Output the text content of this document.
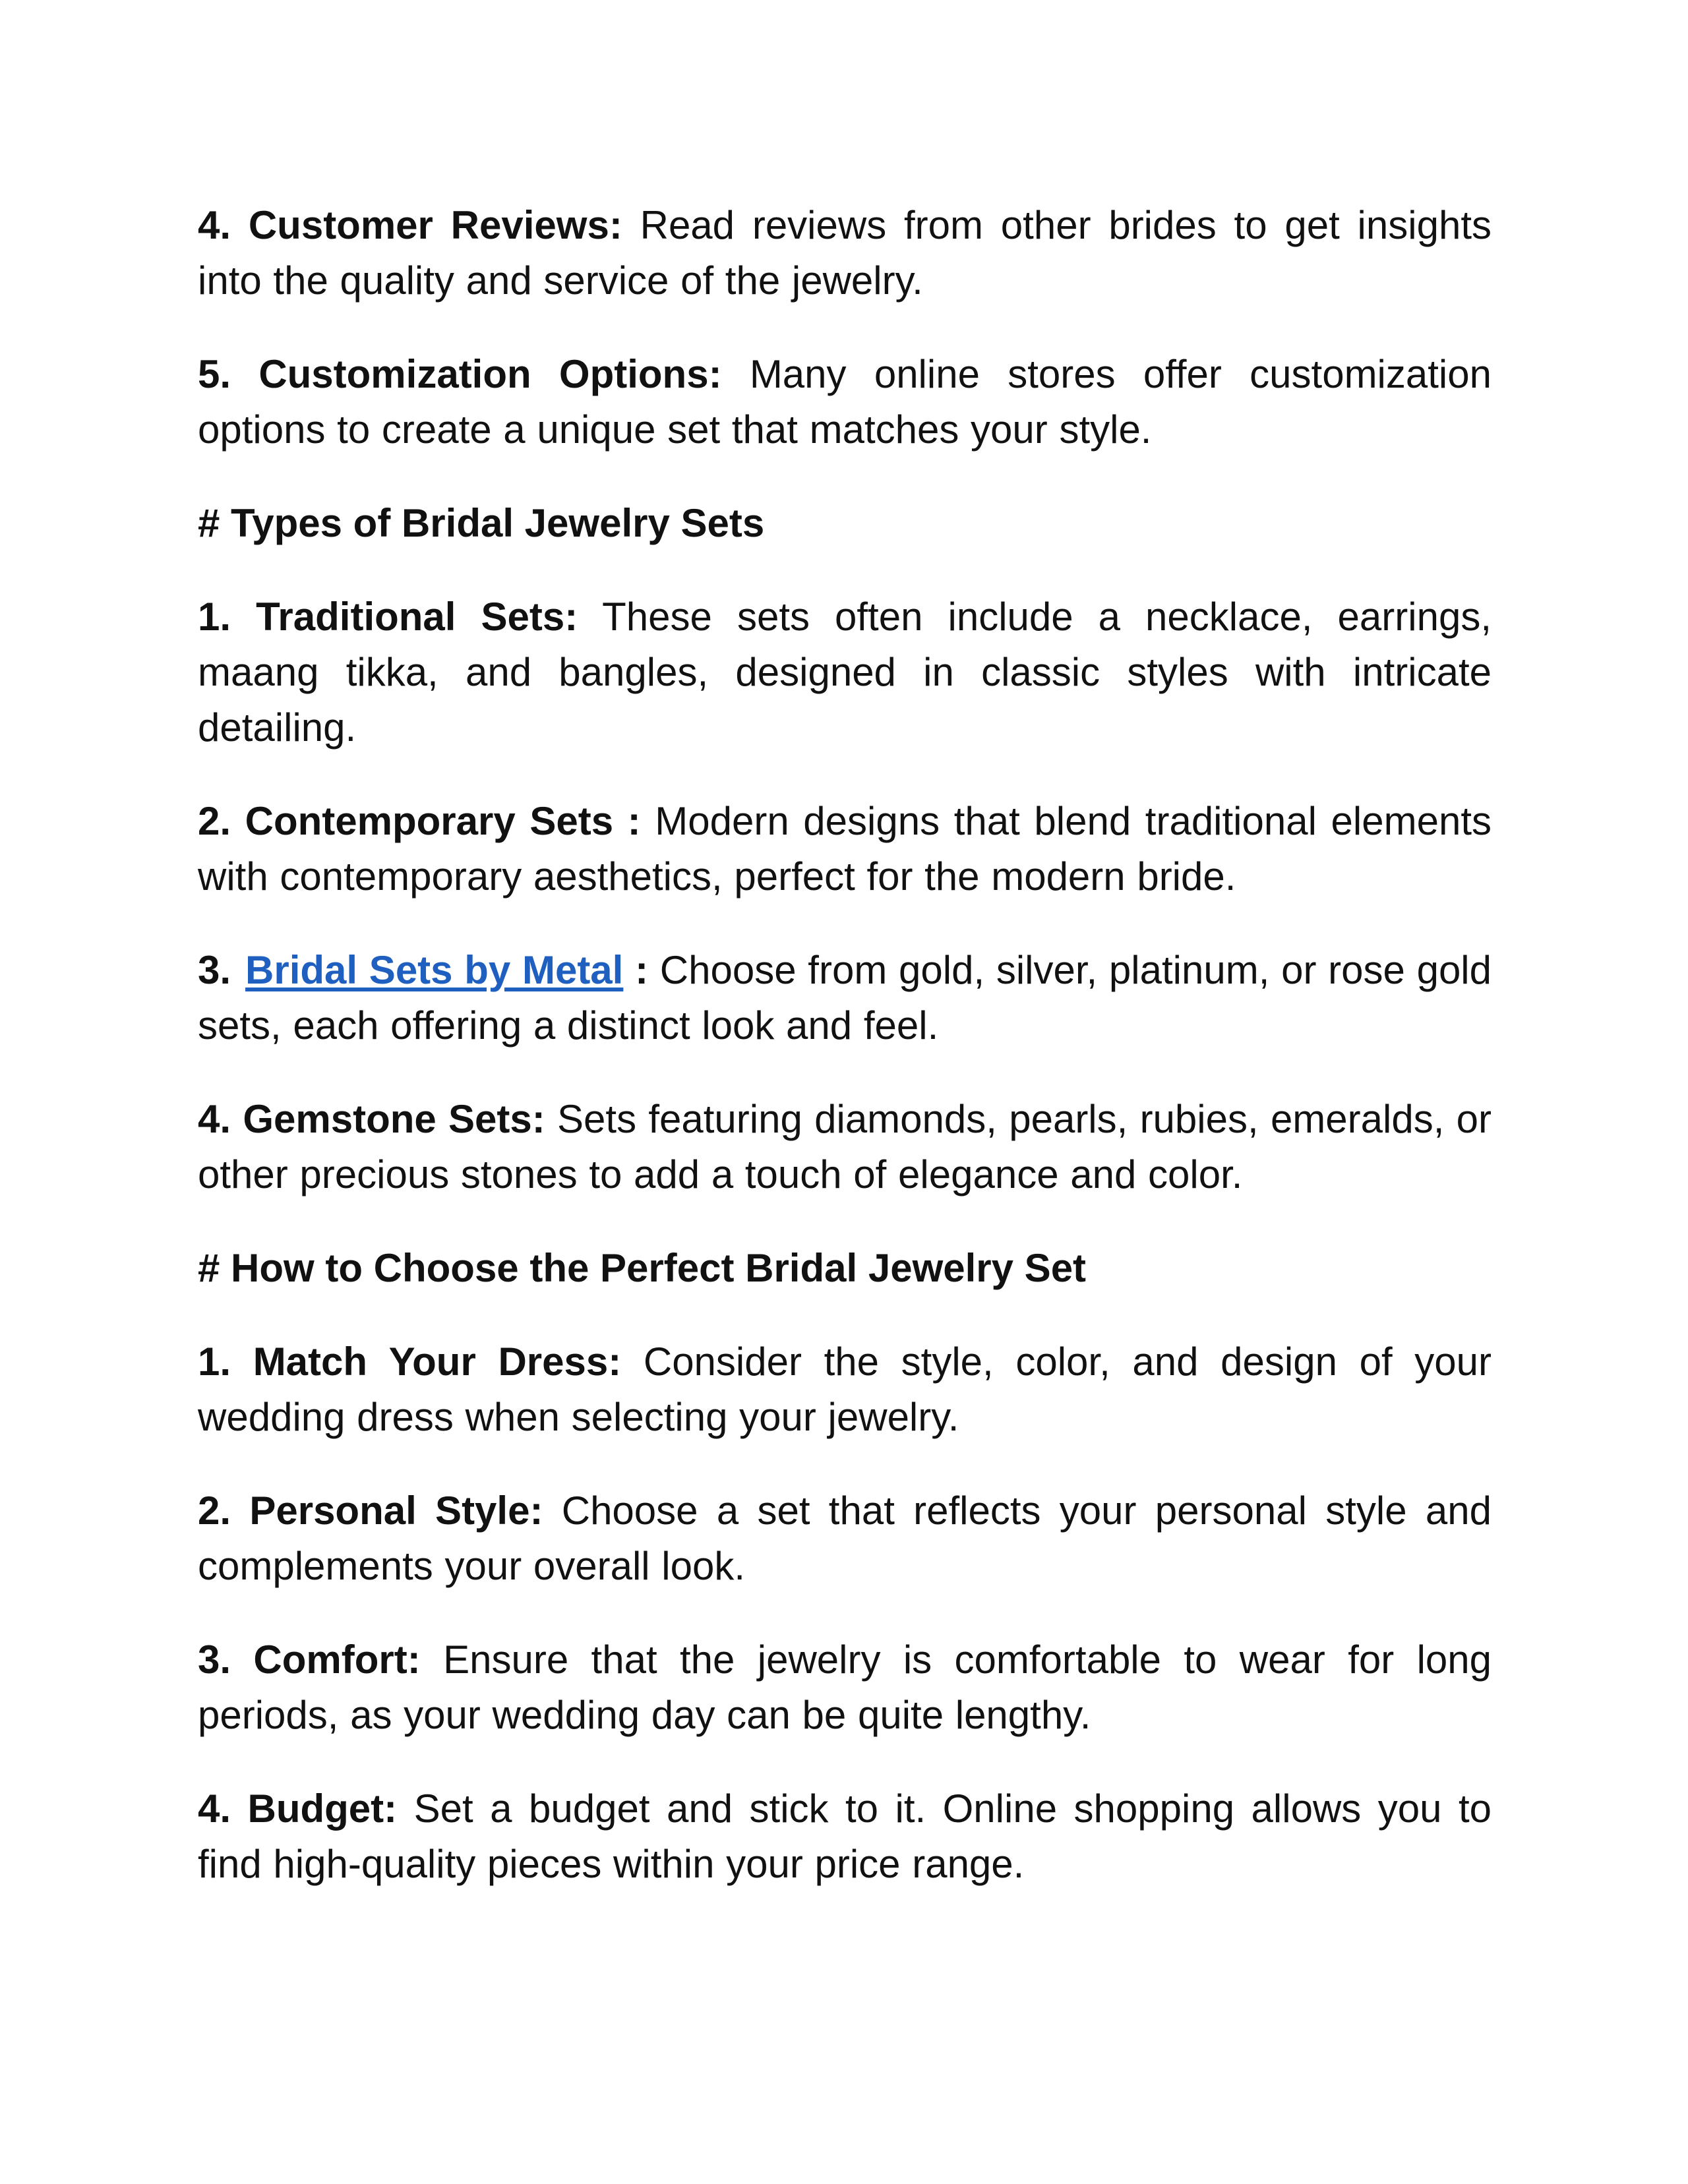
4. Customer Reviews: Read reviews from other brides to get insights into the quality and service of the jewelry.

5. Customization Options: Many online stores offer customization options to create a unique set that matches your style.

# Types of Bridal Jewelry Sets

1. Traditional Sets: These sets often include a necklace, earrings, maang tikka, and bangles, designed in classic styles with intricate detailing.

2. Contemporary Sets : Modern designs that blend traditional elements with contemporary aesthetics, perfect for the modern bride.

3. Bridal Sets by Metal : Choose from gold, silver, platinum, or rose gold sets, each offering a distinct look and feel.

4. Gemstone Sets: Sets featuring diamonds, pearls, rubies, emeralds, or other precious stones to add a touch of elegance and color.

# How to Choose the Perfect Bridal Jewelry Set

1. Match Your Dress: Consider the style, color, and design of your wedding dress when selecting your jewelry.

2. Personal Style: Choose a set that reflects your personal style and complements your overall look.

3. Comfort: Ensure that the jewelry is comfortable to wear for long periods, as your wedding day can be quite lengthy.

4. Budget: Set a budget and stick to it. Online shopping allows you to find high-quality pieces within your price range.
